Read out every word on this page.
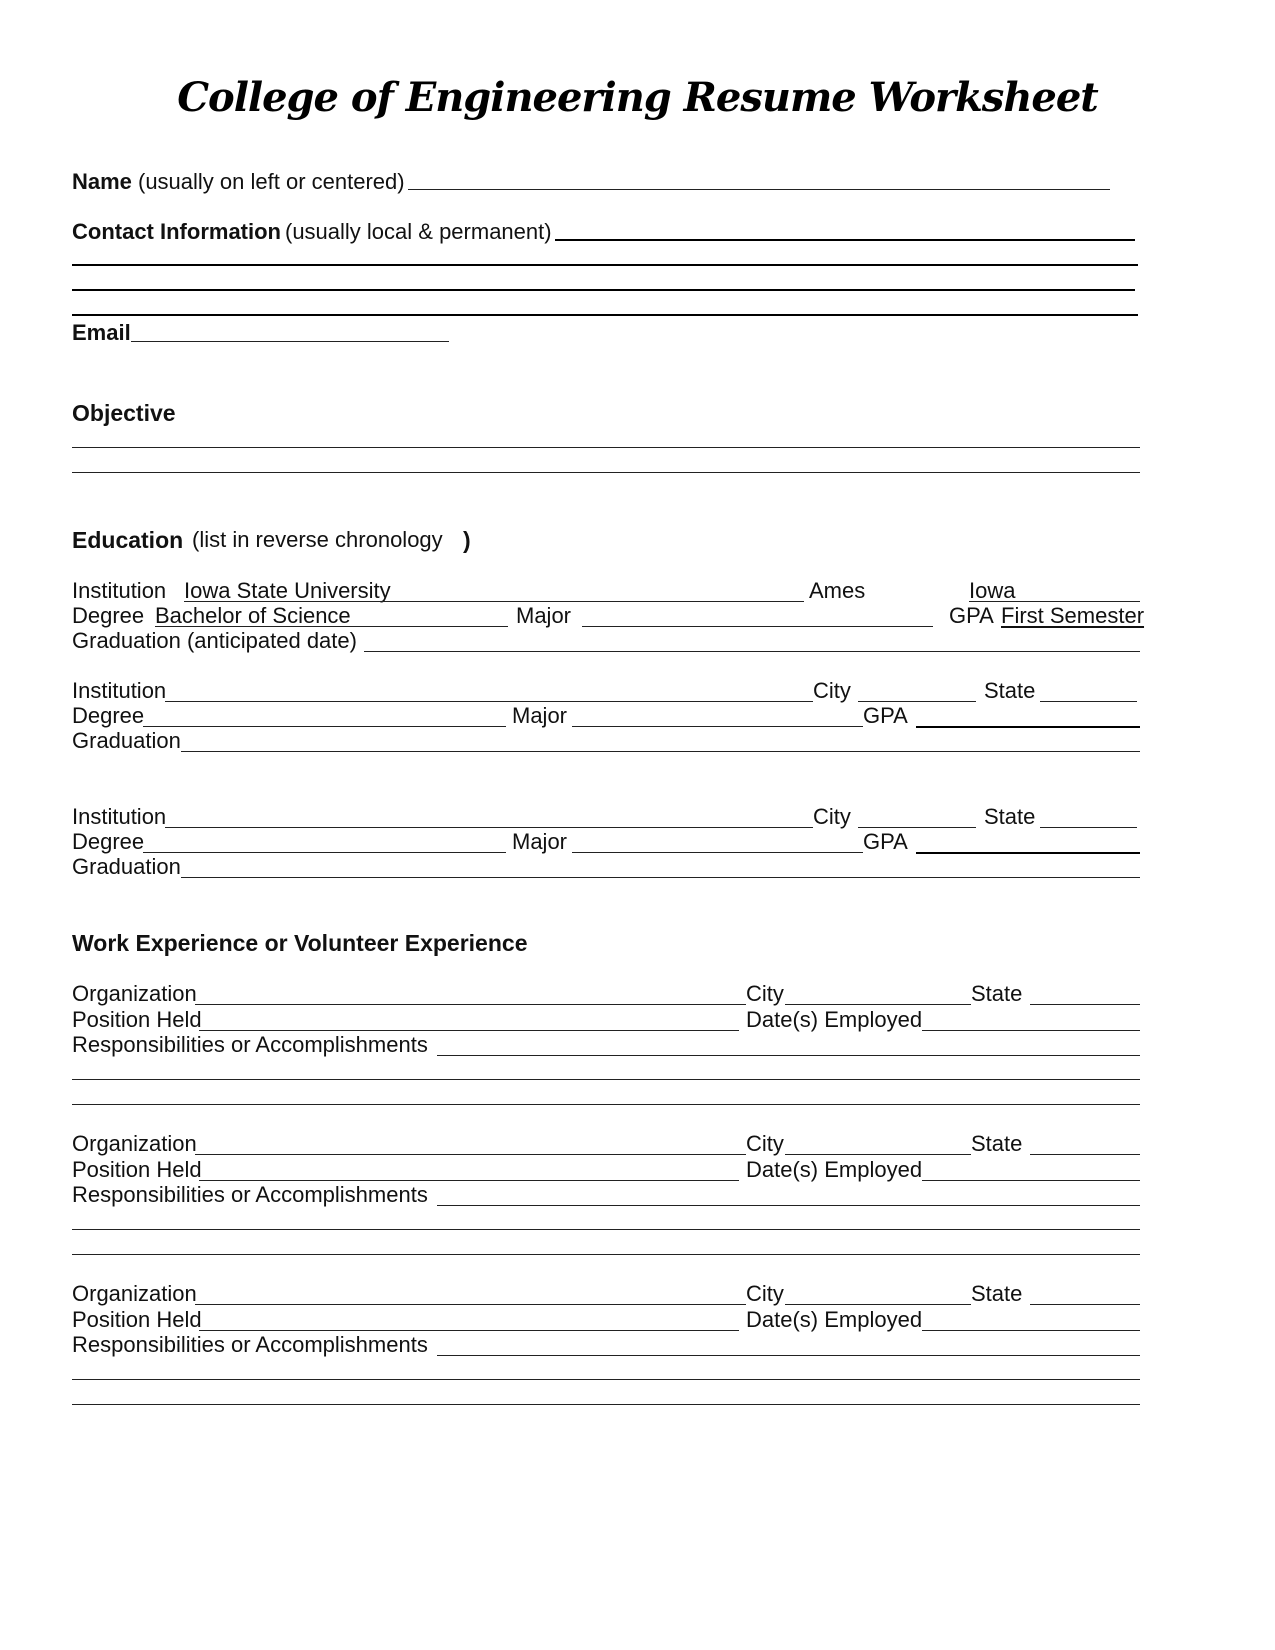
College of Engineering Resume Worksheet
Name (usually on left or centered)
Contact Information (usually local & permanent)
Email
Objective
Education (list in reverse chronology )
Institution Iowa State University	Ames	Iowa
Degree Bachelor of Science	Major	GPA First Semester
Graduation (anticipated date)
Institution	City	State
Degree	Major	GPA
Graduation
Institution	City	State
Degree	Major	GPA
Graduation
Work Experience or Volunteer Experience
Organization	City	State
Position Held	Date(s) Employed
Responsibilities or Accomplishments
Organization	City	State
Position Held	Date(s) Employed
Responsibilities or Accomplishments
Organization	City	State
Position Held	Date(s) Employed
Responsibilities or Accomplishments
